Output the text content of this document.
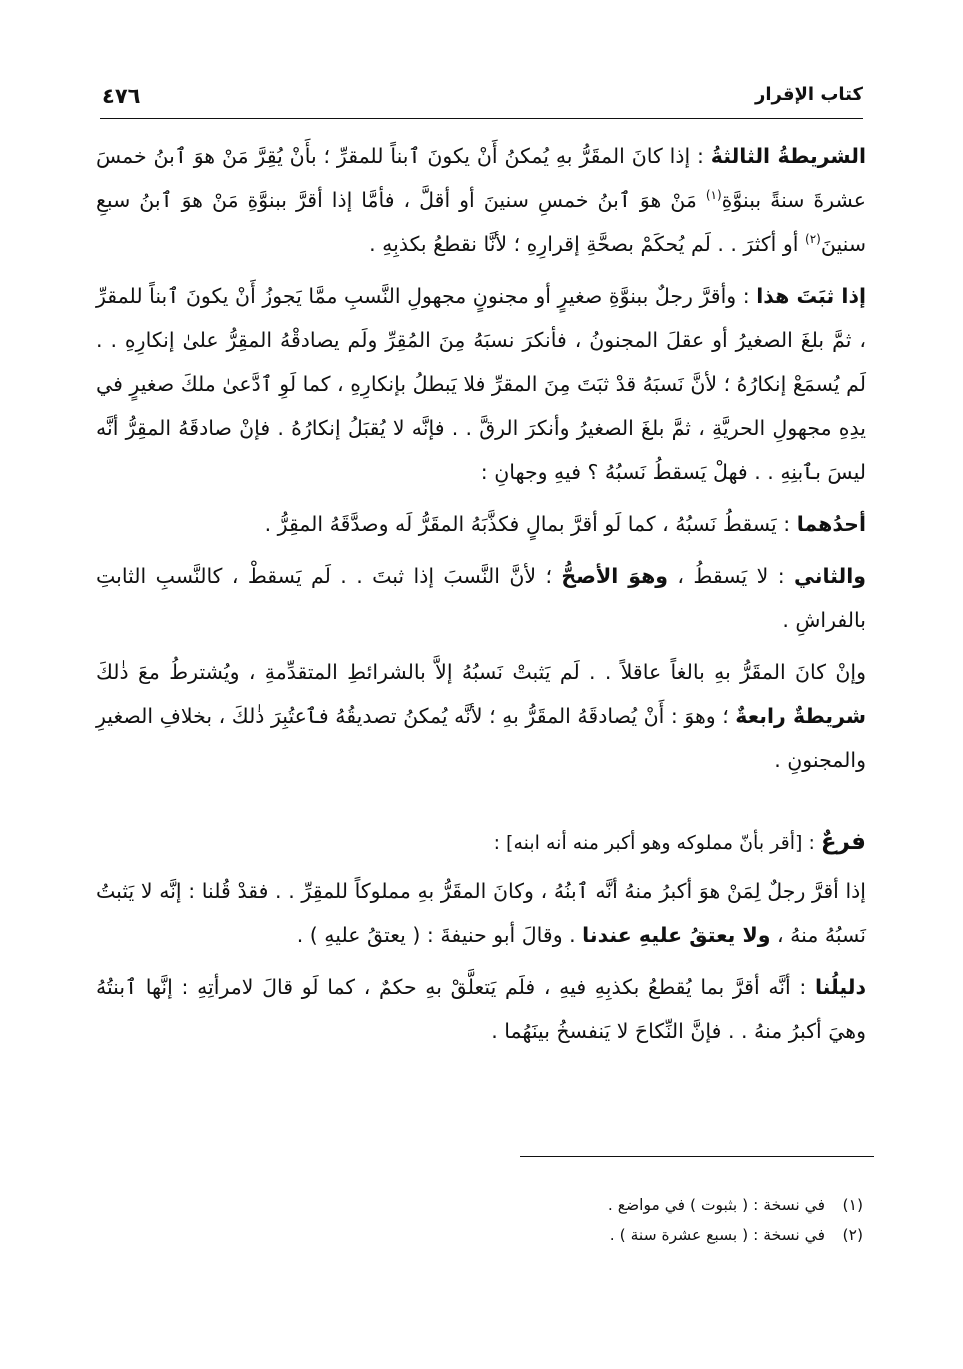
كتاب الإقرار
٤٧٦

الشريطةُ الثالثةُ : إذا كانَ المقَرُّ بهِ يُمكنُ أَنْ يكونَ ٱبناً للمقرِّ ؛ بأَنْ يُقِرَّ مَنْ هوَ ٱبنُ خمسَ عشرةَ سنةً ببنوَّةِ$^{(١)}$ مَنْ هوَ ٱبنُ خمسِ سنينَ أو أقلَّ ، فأمَّا إذا أقرَّ ببنوَّةِ مَنْ هوَ ٱبنُ سبعِ سنينَ$^{(٢)}$ أو أكثرَ . . لَم يُحكَمْ بصحَّةِ إقرارِهِ ؛ لأنَّا نقطعُ بكذبِهِ .

إذا ثبَتَ هذا : وأقرَّ رجلٌ ببنوَّةِ صغيرٍ أو مجنونٍ مجهولِ النَّسبِ ممَّا يَجوزُ أَنْ يكونَ ٱبناً للمقرِّ ، ثمَّ بلغَ الصغيرُ أو عقلَ المجنونُ ، فأنكرَ نسبَهُ مِنَ المُقِرِّ ولَم يصادقْهُ المقِرُّ علىٰ إنكارِهِ . . لَم يُسمَعْ إنكارُهُ ؛ لأنَّ نَسبَهُ قدْ ثبَتَ مِنَ المقرِّ فلا يَبطلُ بإنكارِهِ ، كما لَوِ ٱدَّعىٰ ملكَ صغيرٍ في يدِهِ مجهولِ الحريَّةِ ، ثمَّ بلغَ الصغيرُ وأنكرَ الرقَّ . . فإنَّه لا يُقبَلُ إنكارُهُ . فإنْ صادقَهُ المقِرُّ أنَّه ليسَ بٱبنِهِ . . فهلْ يَسقطُ نَسبُهُ ؟ فيهِ وجهانِ :

أحدُهما : يَسقطُ نَسبُهُ ، كما لَو أقرَّ بمالٍ فكذَّبَهُ المقَرُّ لَه وصدَّقَهُ المقِرُّ .

والثاني : لا يَسقطُ ، وهوَ الأصحُّ ؛ لأنَّ النَّسبَ إذا ثبتَ . . لَم يَسقطْ ، كالنَّسبِ الثابتِ بالفراشِ .

وإنْ كانَ المقَرُّ بهِ بالغاً عاقلاً . . لَم يَثبتْ نَسبُهُ إلاَّ بالشرائطِ المتقدِّمةِ ، ويُشترطُ معَ ذٰلكَ شريطةٌ رابعةٌ ؛ وهوَ : أَنْ يُصادقَهُ المقَرُّ بهِ ؛ لأنَّه يُمكنُ تصديقُهُ فٱعتُبِرَ ذٰلكَ ، بخلافِ الصغيرِ والمجنونِ .

فرعٌ : [أقر بأنّ مملوكه وهو أكبر منه أنه ابنه] :

إذا أقرَّ رجلٌ لِمَنْ هوَ أكبرُ منهُ أنَّه ٱبنُهُ ، وكانَ المقَرُّ بهِ مملوكاً للمقِرِّ . . فقدْ قُلنا : إنَّه لا يَثبتُ نَسبُهُ منهُ ، ولا يعتقُ عليهِ عندنا . وقالَ أبو حنيفةَ : ( يعتقُ عليهِ ) .

دليلُنا : أنَّه أقرَّ بما يُقطعُ بكذبِهِ فيهِ ، فلَم يَتعلَّقْ بهِ حكمٌ ، كما لَو قالَ لامرأتِهِ : إنَّها ٱبنتُهُ وهيَ أكبرُ منهُ . . فإنَّ النِّكاحَ لا يَنفسخُ بينَهُما .

(١)في نسخة : ( بثبوت ) في مواضع .
(٢)في نسخة : ( بسبع عشرة سنة ) .
